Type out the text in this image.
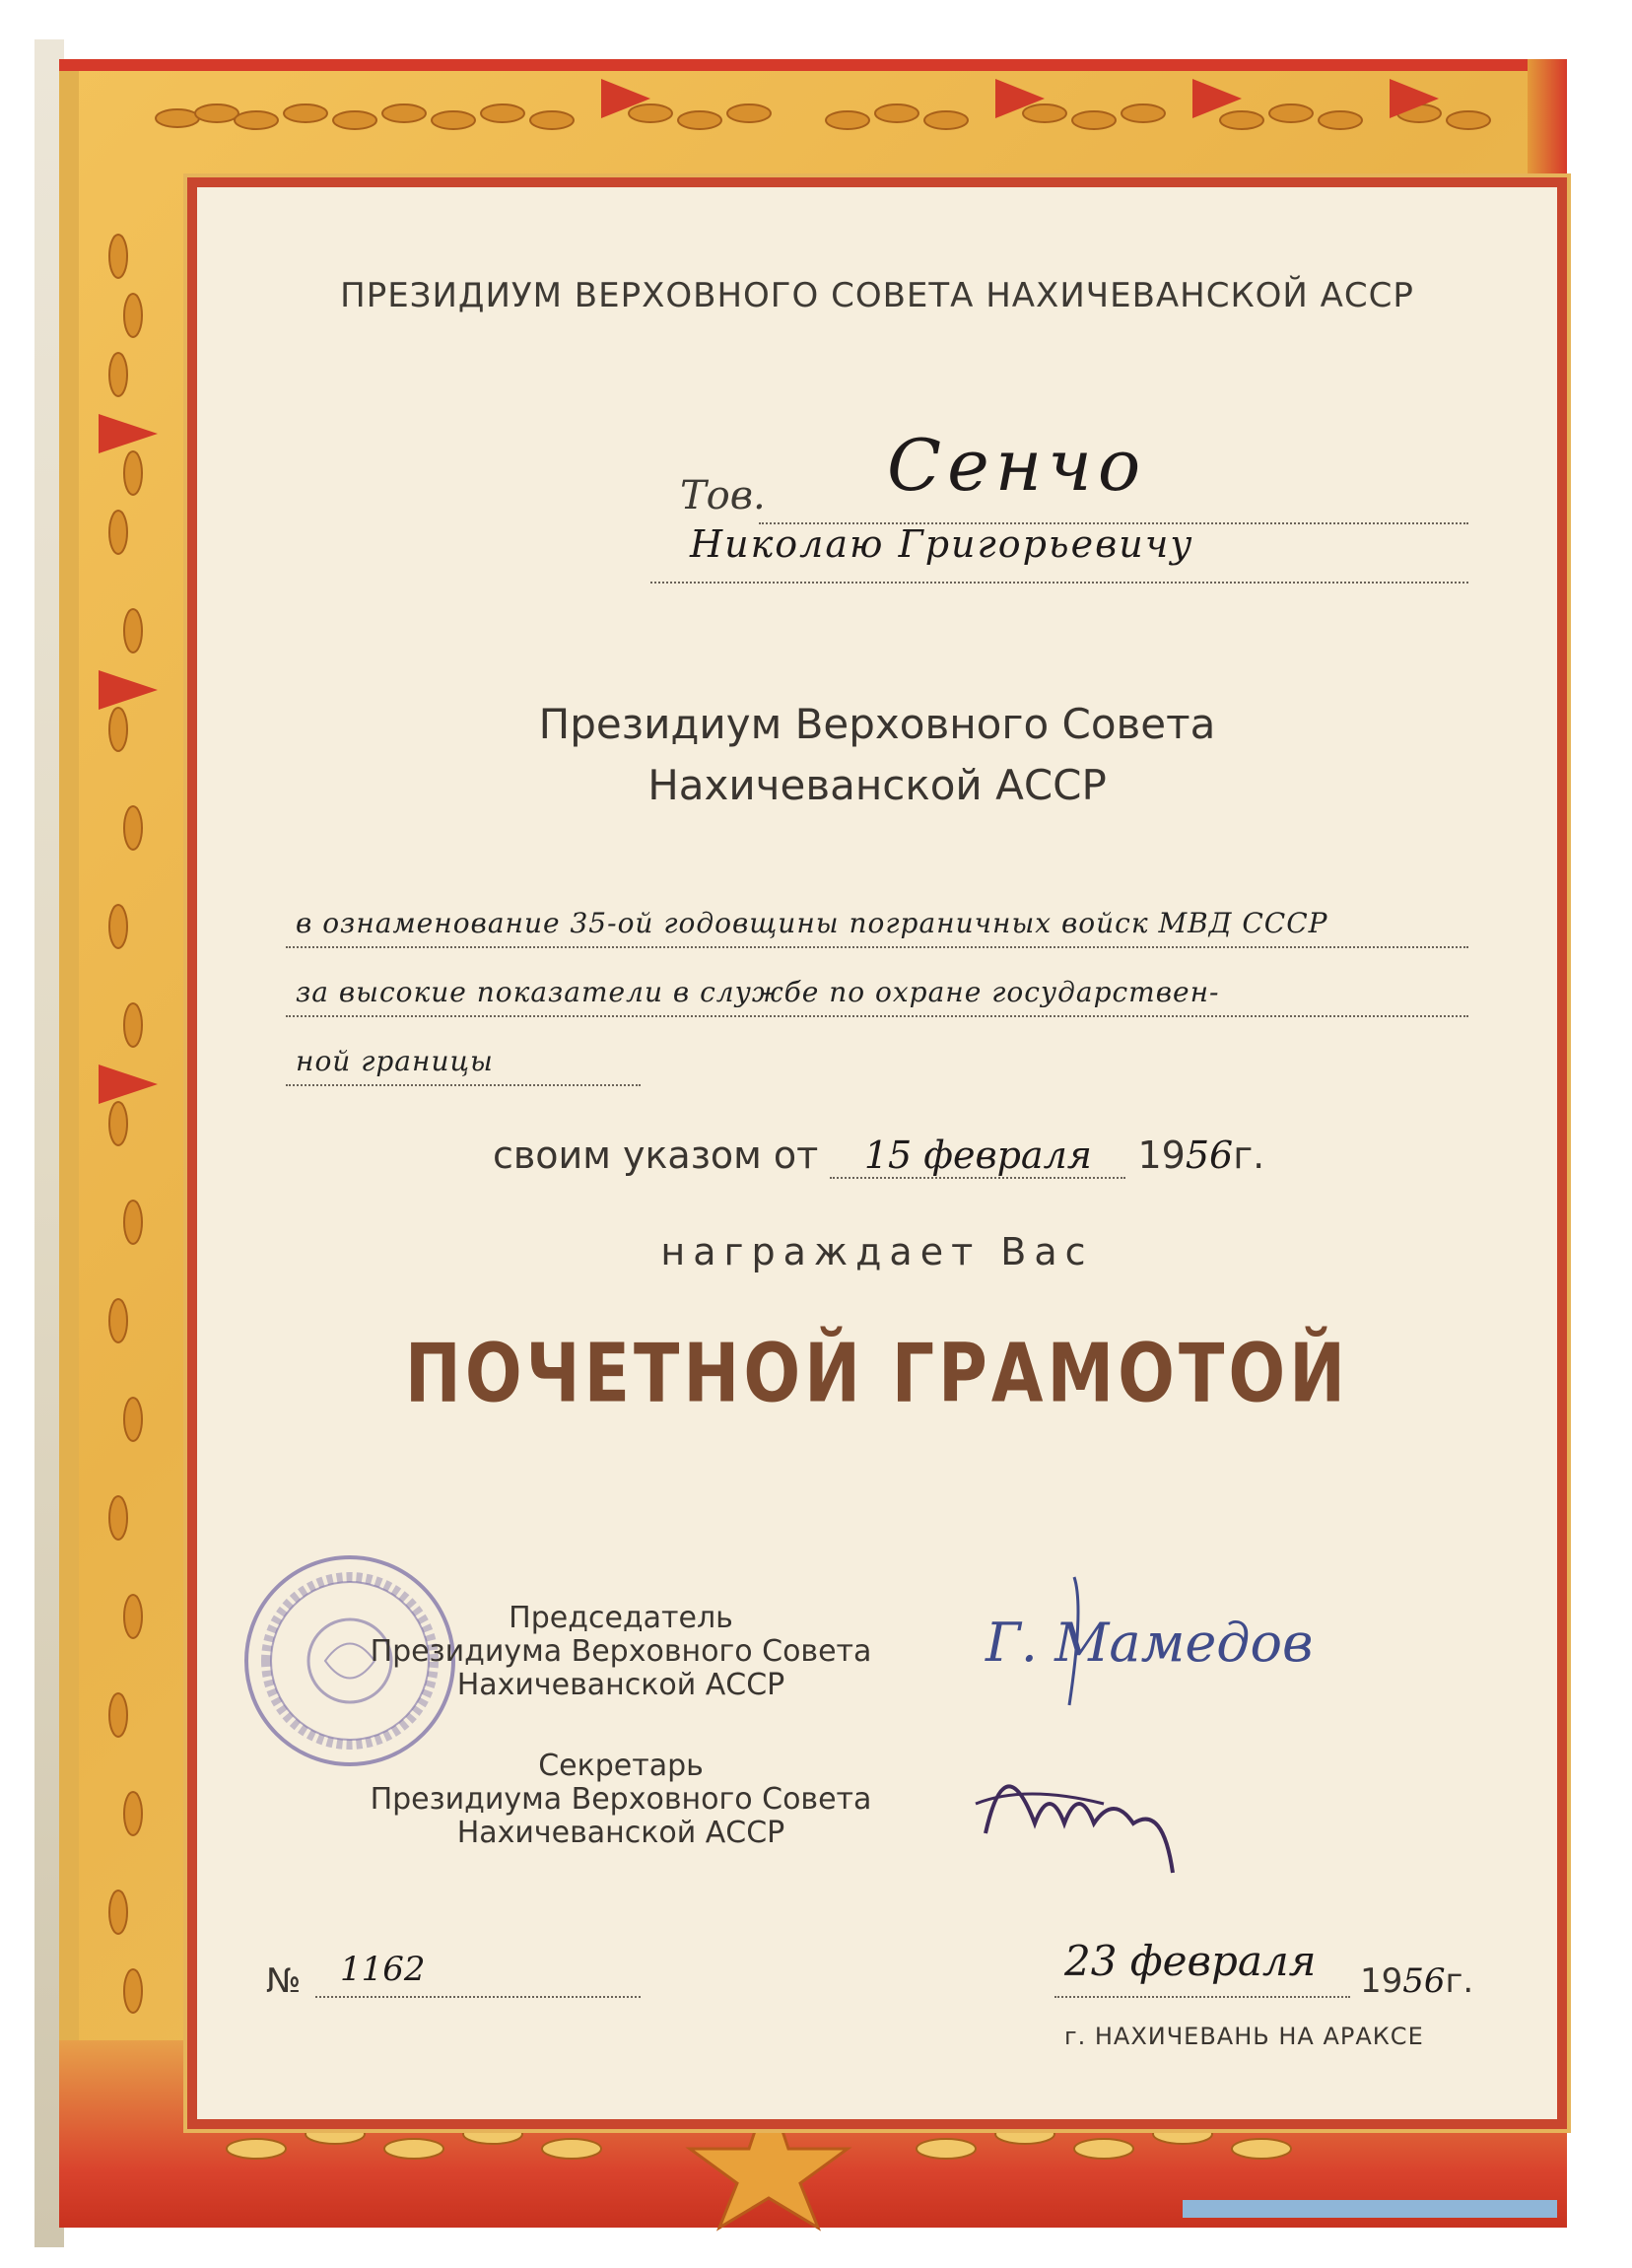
ПРЕЗИДИУМ ВЕРХОВНОГО СОВЕТА НАХИЧЕВАНСКОЙ АССР
Тов. Сенчо
Николаю Григорьевичу
Президиум Верховного Совета
Нахичеванской АССР
в ознаменование 35-ой годовщины пограничных войск МВД СССР
за высокие показатели в службе по охране государствен-
ной границы
своим указом от 15 февраля 1956г.
награждает Вас
ПОЧЕТНОЙ ГРАМОТОЙ
Председатель
Президиума Верховного Совета
Нахичеванской АССР
Г. Мамедов
Секретарь
Президиума Верховного Совета
Нахичеванской АССР
№ 1162	23 февраля 1956г.
г. НАХИЧЕВАНЬ НА АРАКСЕ
